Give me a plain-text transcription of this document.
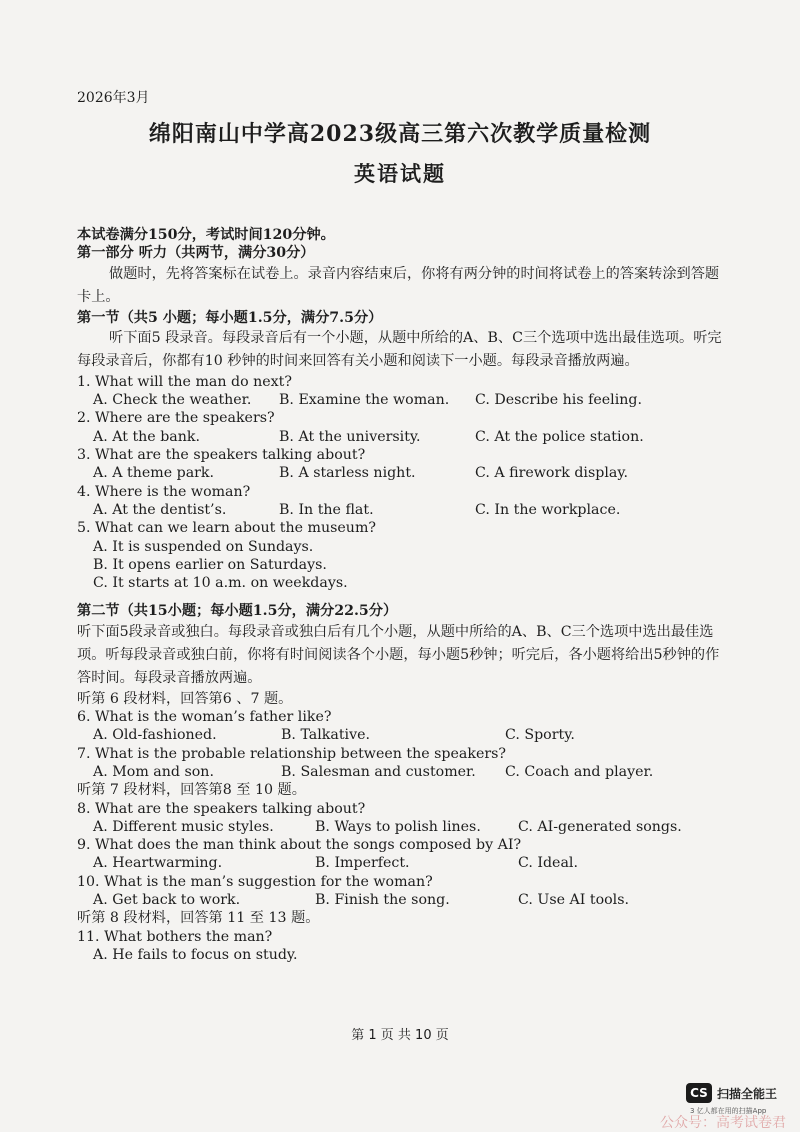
2026年3月
绵阳南山中学高2023级高三第六次教学质量检测
英语试题
本试卷满分150分，考试时间120分钟。
第一部分 听力（共两节，满分30分）
做题时，先将答案标在试卷上。录音内容结束后，你将有两分钟的时间将试卷上的答案转涂到答题卡上。
第一节（共5 小题；每小题1.5分，满分7.5分）
听下面5 段录音。每段录音后有一个小题，从题中所给的A、B、C三个选项中选出最佳选项。听完每段录音后，你都有10 秒钟的时间来回答有关小题和阅读下一小题。每段录音播放两遍。
1. What will the man do next?
A. Check the weather.	B. Examine the woman.	C. Describe his feeling.
2. Where are the speakers?
A. At the bank.	B. At the university.	C. At the police station.
3. What are the speakers talking about?
A. A theme park.	B. A starless night.	C. A firework display.
4. Where is the woman?
A. At the dentist’s.	B. In the flat.	C. In the workplace.
5. What can we learn about the museum?
A. It is suspended on Sundays.
B. It opens earlier on Saturdays.
C. It starts at 10 a.m. on weekdays.
第二节（共15小题；每小题1.5分，满分22.5分）
听下面5段录音或独白。每段录音或独白后有几个小题，从题中所给的A、B、C三个选项中选出最佳选项。听每段录音或独白前，你将有时间阅读各个小题，每小题5秒钟；听完后，各小题将给出5秒钟的作答时间。每段录音播放两遍。
听第 6 段材料，回答第6 、7 题。
6. What is the woman’s father like?
A. Old-fashioned.	B. Talkative.	C. Sporty.
7. What is the probable relationship between the speakers?
A. Mom and son.	B. Salesman and customer.	C. Coach and player.
听第 7 段材料，回答第8 至 10 题。
8. What are the speakers talking about?
A. Different music styles.	B. Ways to polish lines.	C. AI-generated songs.
9. What does the man think about the songs composed by AI?
A. Heartwarming.	B. Imperfect.	C. Ideal.
10. What is the man’s suggestion for the woman?
A. Get back to work.	B. Finish the song.	C. Use AI tools.
听第 8 段材料，回答第 11 至 13 题。
11. What bothers the man?
A. He fails to focus on study.
第 1 页 共 10 页
CS 扫描全能王
3 亿人都在用的扫描App
公众号：高考试卷君
